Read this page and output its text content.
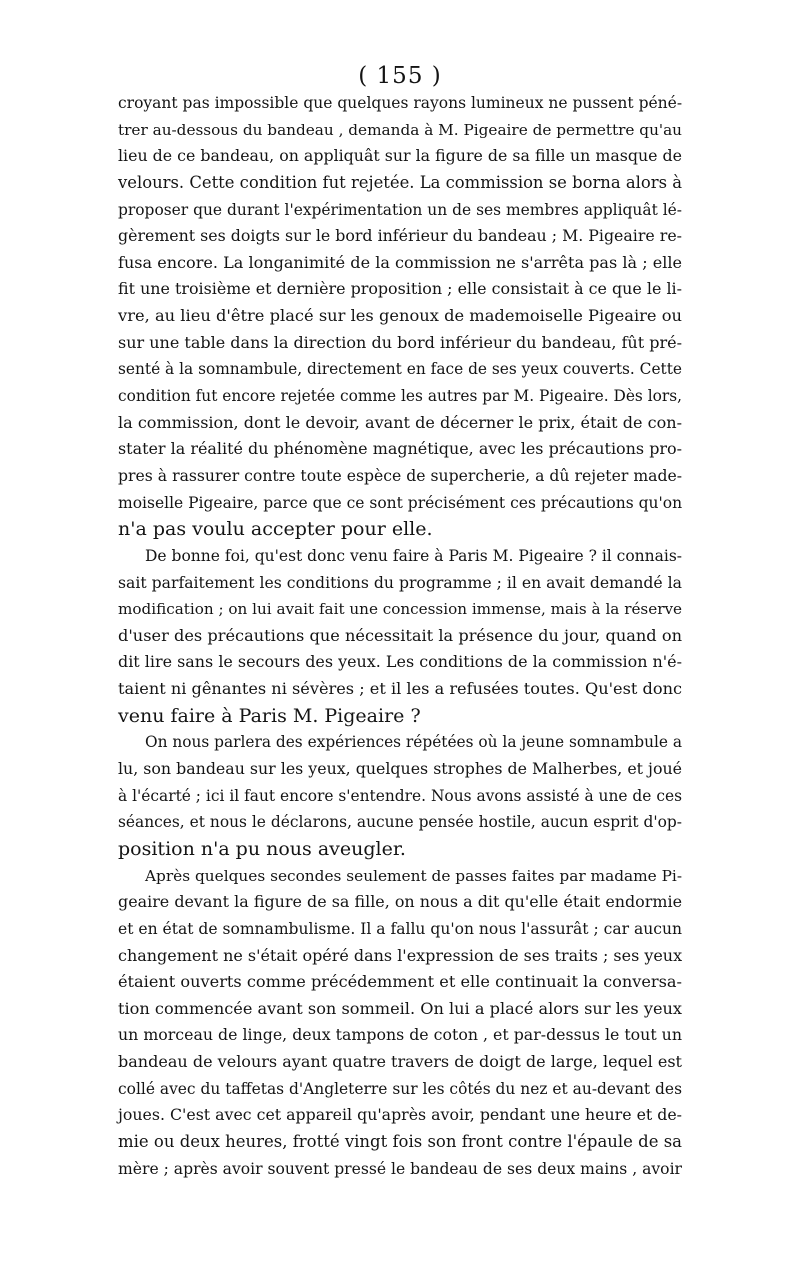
( 155 )
croyant pas impossible que quelques rayons lumineux ne pussent péné-
trer au-dessous du bandeau , demanda à M. Pigeaire de permettre qu'au
lieu de ce bandeau, on appliquât sur la figure de sa fille un masque de
velours. Cette condition fut rejetée. La commission se borna alors à
proposer que durant l'expérimentation un de ses membres appliquât lé-
gèrement ses doigts sur le bord inférieur du bandeau ; M. Pigeaire re-
fusa encore. La longanimité de la commission ne s'arrêta pas là ; elle
fit une troisième et dernière proposition ; elle consistait à ce que le li-
vre, au lieu d'être placé sur les genoux de mademoiselle Pigeaire ou
sur une table dans la direction du bord inférieur du bandeau, fût pré-
senté à la somnambule, directement en face de ses yeux couverts. Cette
condition fut encore rejetée comme les autres par M. Pigeaire. Dès lors,
la commission, dont le devoir, avant de décerner le prix, était de con-
stater la réalité du phénomène magnétique, avec les précautions pro-
pres à rassurer contre toute espèce de supercherie, a dû rejeter made-
moiselle Pigeaire, parce que ce sont précisément ces précautions qu'on
n'a pas voulu accepter pour elle.
De bonne foi, qu'est donc venu faire à Paris M. Pigeaire ? il connais-
sait parfaitement les conditions du programme ; il en avait demandé la
modification ; on lui avait fait une concession immense, mais à la réserve
d'user des précautions que nécessitait la présence du jour, quand on
dit lire sans le secours des yeux. Les conditions de la commission n'é-
taient ni gênantes ni sévères ; et il les a refusées toutes. Qu'est donc
venu faire à Paris M. Pigeaire ?
On nous parlera des expériences répétées où la jeune somnambule a
lu, son bandeau sur les yeux, quelques strophes de Malherbes, et joué
à l'écarté ; ici il faut encore s'entendre. Nous avons assisté à une de ces
séances, et nous le déclarons, aucune pensée hostile, aucun esprit d'op-
position n'a pu nous aveugler.
Après quelques secondes seulement de passes faites par madame Pi-
geaire devant la figure de sa fille, on nous a dit qu'elle était endormie
et en état de somnambulisme. Il a fallu qu'on nous l'assurât ; car aucun
changement ne s'était opéré dans l'expression de ses traits ; ses yeux
étaient ouverts comme précédemment et elle continuait la conversa-
tion commencée avant son sommeil. On lui a placé alors sur les yeux
un morceau de linge, deux tampons de coton , et par-dessus le tout un
bandeau de velours ayant quatre travers de doigt de large, lequel est
collé avec du taffetas d'Angleterre sur les côtés du nez et au-devant des
joues. C'est avec cet appareil qu'après avoir, pendant une heure et de-
mie ou deux heures, frotté vingt fois son front contre l'épaule de sa
mère ; après avoir souvent pressé le bandeau de ses deux mains , avoir
